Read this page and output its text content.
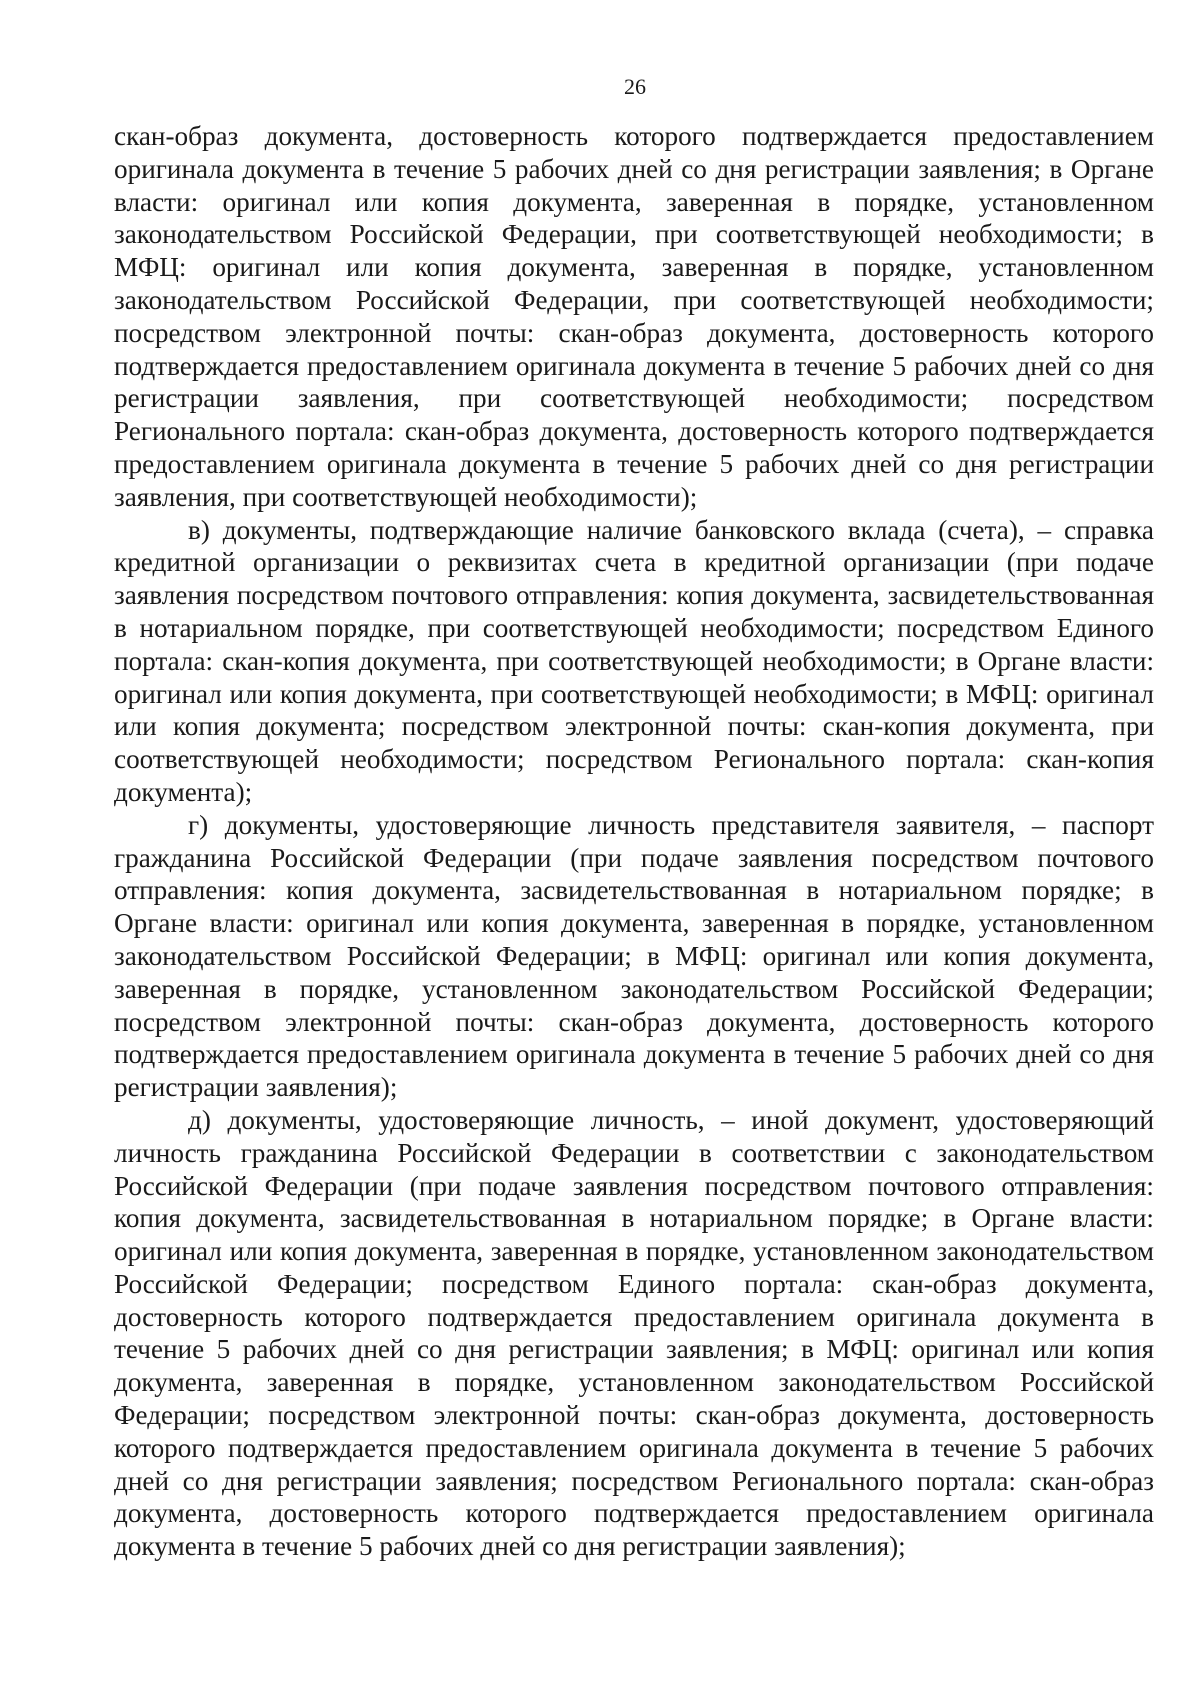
26

скан-образ документа, достоверность которого подтверждается предоставлением оригинала документа в течение 5 рабочих дней со дня регистрации заявления; в Органе власти: оригинал или копия документа, заверенная в порядке, установленном законодательством Российской Федерации, при соответствующей необходимости; в МФЦ: оригинал или копия документа, заверенная в порядке, установленном законодательством Российской Федерации, при соответствующей необходимости; посредством электронной почты: скан-образ документа, достоверность которого подтверждается предоставлением оригинала документа в течение 5 рабочих дней со дня регистрации заявления, при соответствующей необходимости; посредством Регионального портала: скан-образ документа, достоверность которого подтверждается предоставлением оригинала документа в течение 5 рабочих дней со дня регистрации заявления, при соответствующей необходимости);

в) документы, подтверждающие наличие банковского вклада (счета), – справка кредитной организации о реквизитах счета в кредитной организации (при подаче заявления посредством почтового отправления: копия документа, засвидетельствованная в нотариальном порядке, при соответствующей необходимости; посредством Единого портала: скан-копия документа, при соответствующей необходимости; в Органе власти: оригинал или копия документа, при соответствующей необходимости; в МФЦ: оригинал или копия документа; посредством электронной почты: скан-копия документа, при соответствующей необходимости; посредством Регионального портала: скан-копия документа);

г) документы, удостоверяющие личность представителя заявителя, – паспорт гражданина Российской Федерации (при подаче заявления посредством почтового отправления: копия документа, засвидетельствованная в нотариальном порядке; в Органе власти: оригинал или копия документа, заверенная в порядке, установленном законодательством Российской Федерации; в МФЦ: оригинал или копия документа, заверенная в порядке, установленном законодательством Российской Федерации; посредством электронной почты: скан-образ документа, достоверность которого подтверждается предоставлением оригинала документа в течение 5 рабочих дней со дня регистрации заявления);

д) документы, удостоверяющие личность, – иной документ, удостоверяющий личность гражданина Российской Федерации в соответствии с законодательством Российской Федерации (при подаче заявления посредством почтового отправления: копия документа, засвидетельствованная в нотариальном порядке; в Органе власти: оригинал или копия документа, заверенная в порядке, установленном законодательством Российской Федерации; посредством Единого портала: скан-образ документа, достоверность которого подтверждается предоставлением оригинала документа в течение 5 рабочих дней со дня регистрации заявления; в МФЦ: оригинал или копия документа, заверенная в порядке, установленном законодательством Российской Федерации; посредством электронной почты: скан-образ документа, достоверность которого подтверждается предоставлением оригинала документа в течение 5 рабочих дней со дня регистрации заявления; посредством Регионального портала: скан-образ документа, достоверность которого подтверждается предоставлением оригинала документа в течение 5 рабочих дней со дня регистрации заявления);
